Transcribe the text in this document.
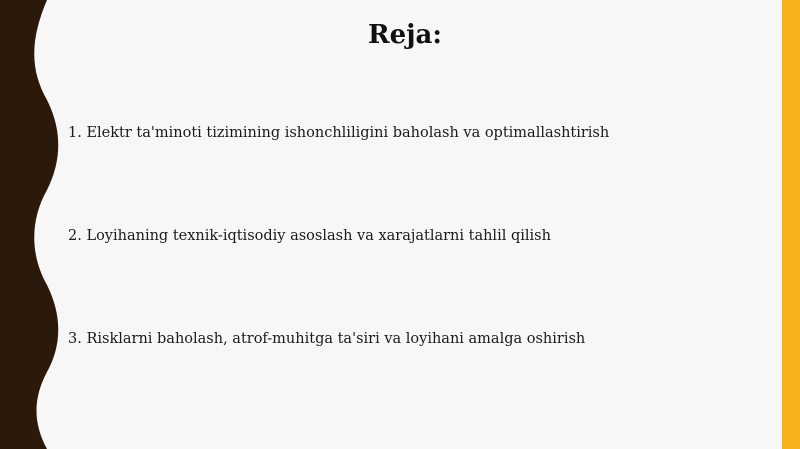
Reja:

1. Elektr ta'minoti tizimining ishonchliligini baholash va optimallashtirish

2. Loyihaning texnik-iqtisodiy asoslash va xarajatlarni tahlil qilish

3. Risklarni baholash, atrof-muhitga ta'siri va loyihani amalga oshirish
